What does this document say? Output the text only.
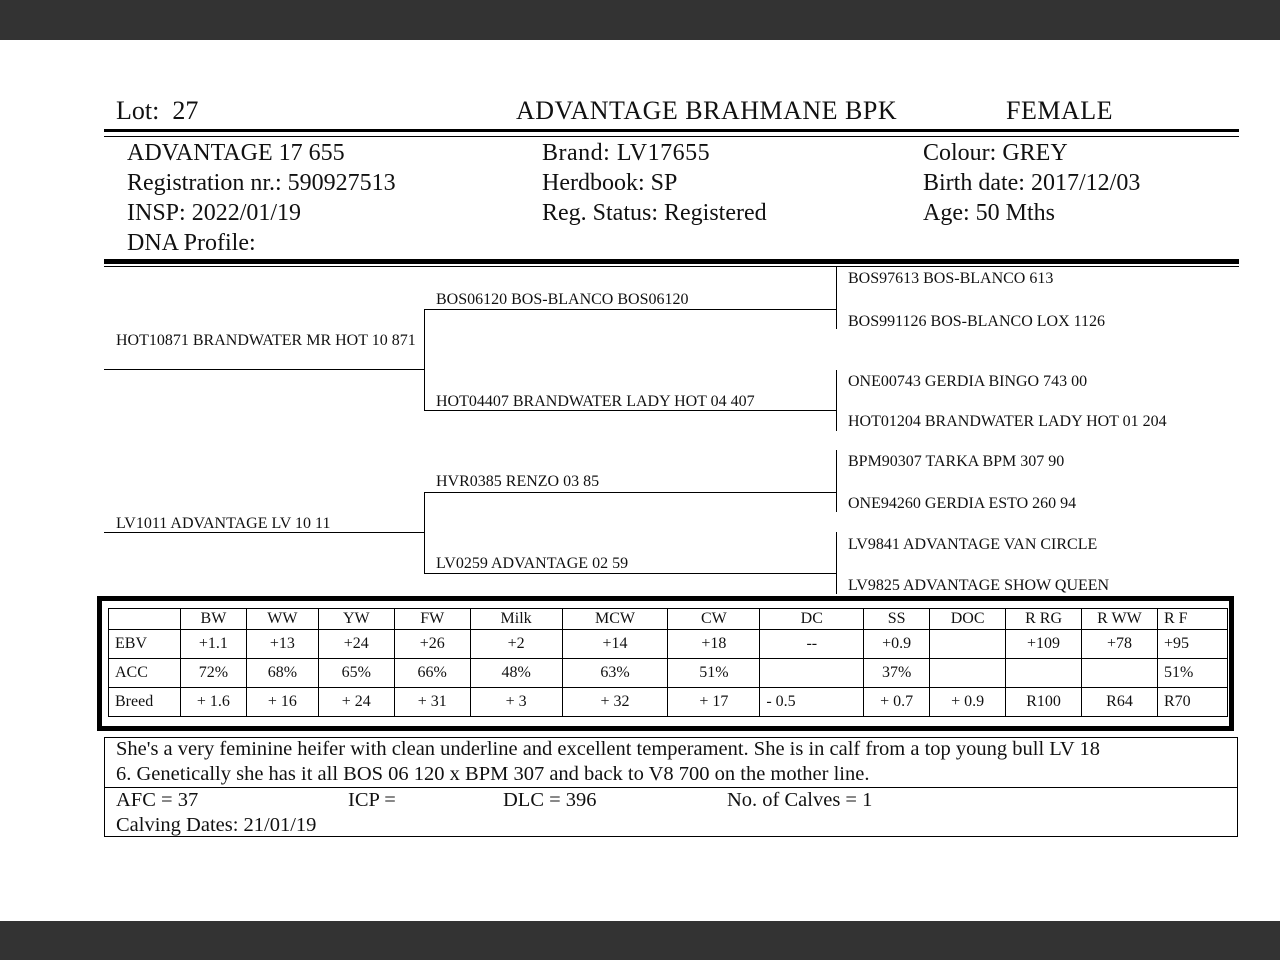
Lot: 27	ADVANTAGE BRAHMANE BPK	FEMALE
ADVANTAGE 17 655
Registration nr.: 590927513
INSP: 2022/01/19
DNA Profile:
Brand: LV17655
Herdbook: SP
Reg. Status: Registered
Colour: GREY
Birth date: 2017/12/03
Age: 50 Mths
HOT10871 BRANDWATER MR HOT 10 871
LV1011 ADVANTAGE LV 10 11
BOS06120 BOS-BLANCO BOS06120
HOT04407 BRANDWATER LADY HOT 04 407
HVR0385 RENZO 03 85
LV0259 ADVANTAGE 02 59
BOS97613 BOS-BLANCO 613
BOS991126 BOS-BLANCO LOX 1126
ONE00743 GERDIA BINGO 743 00
HOT01204 BRANDWATER LADY HOT 01 204
BPM90307 TARKA BPM 307 90
ONE94260 GERDIA ESTO 260 94
LV9841 ADVANTAGE VAN CIRCLE
LV9825 ADVANTAGE SHOW QUEEN
	BW	WW	YW	FW	Milk	MCW	CW	DC	SS	DOC	R RG	R WW	R F
EBV	+1.1	+13	+24	+26	+2	+14	+18	--	+0.9		+109	+78	+95
ACC	72%	68%	65%	66%	48%	63%	51%		37%				51%
Breed	+ 1.6	+ 16	+ 24	+ 31	+ 3	+ 32	+ 17	- 0.5	+ 0.7	+ 0.9	R100	R64	R70
She's a very feminine heifer with clean underline and excellent temperament. She is in calf from a top young bull LV 18
6. Genetically she has it all BOS 06 120 x BPM 307 and back to V8 700 on the mother line.
AFC = 37	ICP =	DLC = 396	No. of Calves = 1
Calving Dates: 21/01/19
